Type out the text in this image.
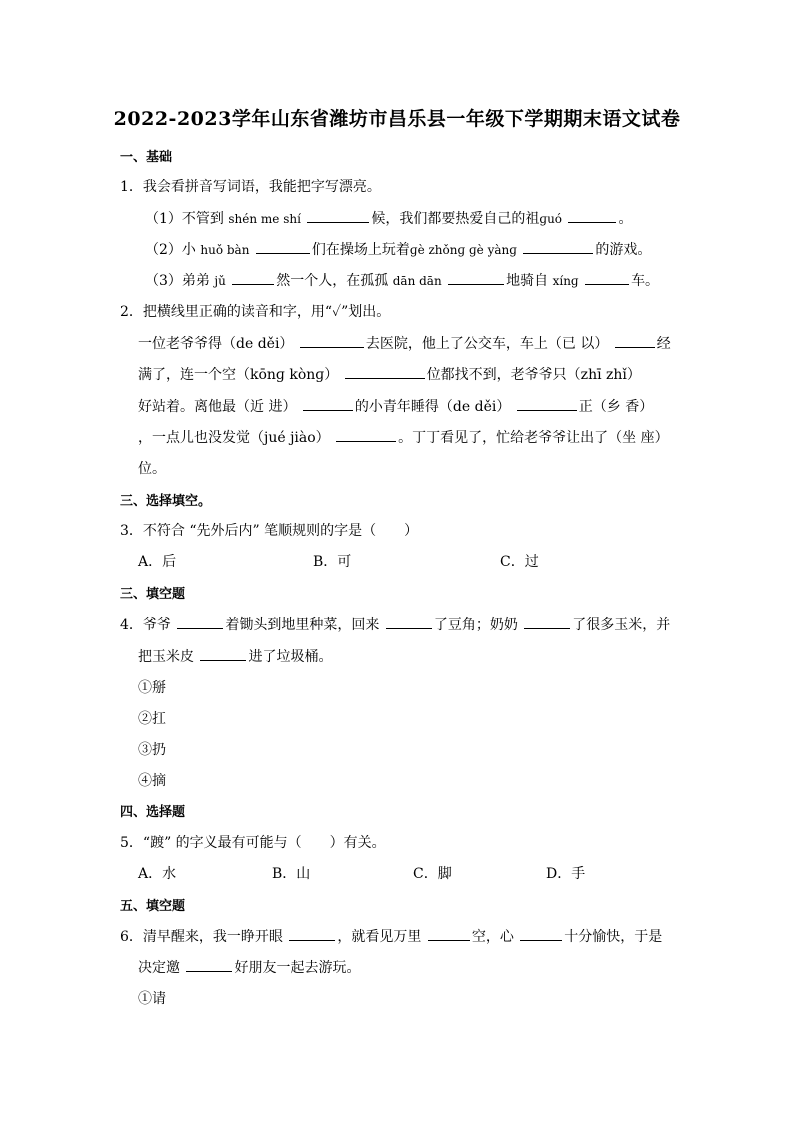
2022-2023学年山东省潍坊市昌乐县一年级下学期期末语文试卷
一、基础
1．我会看拼音写词语，我能把字写漂亮。
（1）不管到 shén me shí	候，我们都要热爱自己的祖ɡuó	。
（2）小 huǒ bàn	们在操场上玩着ɡè zhǒnɡ ɡè yànɡ	的游戏。
（3）弟弟 jǔ	然一个人，在孤孤 dān dān	地骑自 xínɡ	车。
2．把横线里正确的读音和字，用“✓”划出。
一位老爷爷得（de děi）	去医院，他上了公交车，车上（已 以）	经
满了，连一个空（kōnɡ kònɡ）	位都找不到，老爷爷只（zhī zhǐ）
好站着。离他最（近 进）	的小青年睡得（de děi）	正（乡 香）
，一点儿也没发觉（jué jiào）	。丁丁看见了，忙给老爷爷让出了（坐 座）
位。
三、选择填空。
3．不符合 “先外后内” 笔顺规则的字是（　　）
A．后	B．可	C．过
三、填空题
4．爷爷	着锄头到地里种菜，回来	了豆角；奶奶	了很多玉米，并
把玉米皮	进了垃圾桶。
①掰
②扛
③扔
④摘
四、选择题
5．“踱” 的字义最有可能与（　　）有关。
A．水	B．山	C．脚	D．手
五、填空题
6．清早醒来，我一睁开眼	，就看见万里	空，心	十分愉快，于是
决定邀	好朋友一起去游玩。
①请
